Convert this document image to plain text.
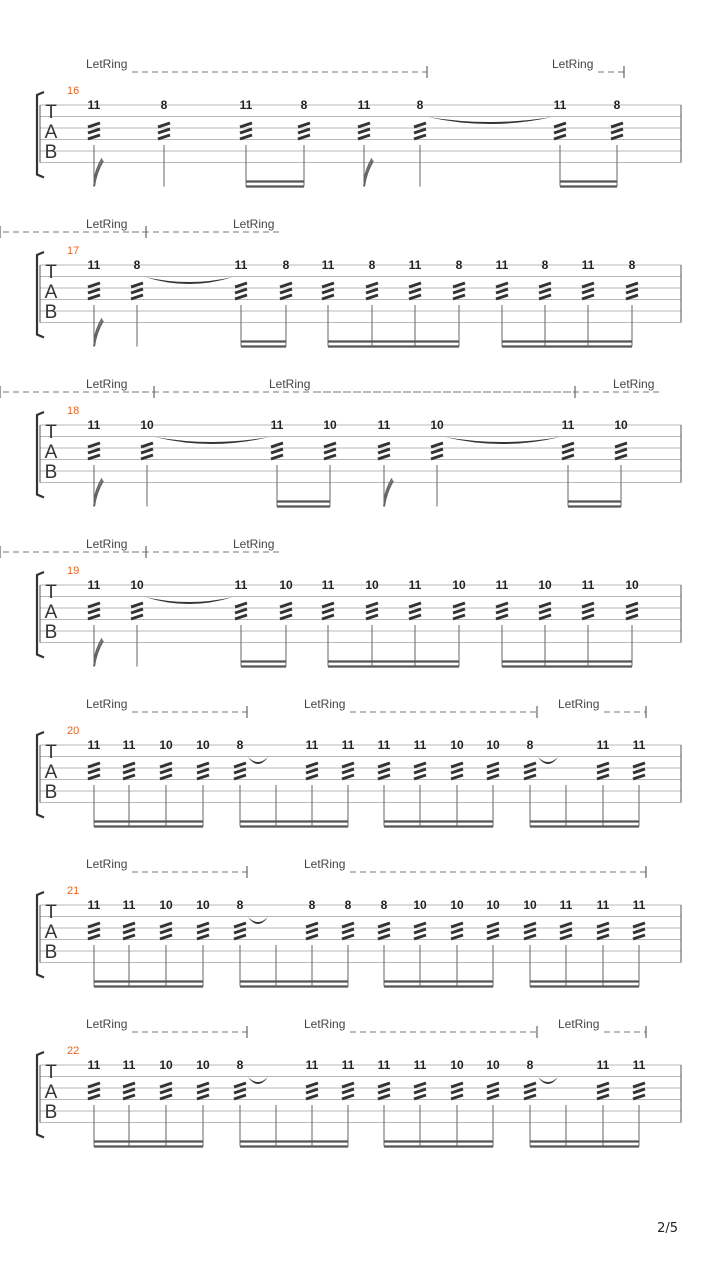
T
A
B
16
LetRing	LetRing
11	8	11	8	11	8	11	8
T
A
B
17
LetRing	LetRing
11	8	11	8	11	8	11	8	11	8	11	8
T
A
B
18
LetRing	LetRing	LetRing
11	10	11	10	11	10	11	10
T
A
B
19
LetRing	LetRing
11 10	11	10 11	10 11	10 11 10 11	10
T
A
B
20
LetRing	LetRing	LetRing
11 11 10 10 8	11 11 11 11 10 10 8	11 11
T
A
B
21
LetRing	LetRing
11 11 10 10 8	8 8 8 10 10 10 10 11 11 11
T
A
B
22
LetRing	LetRing	LetRing
11 11 10 10 8	11 11 11 11 10 10 8	11 11
2/5
